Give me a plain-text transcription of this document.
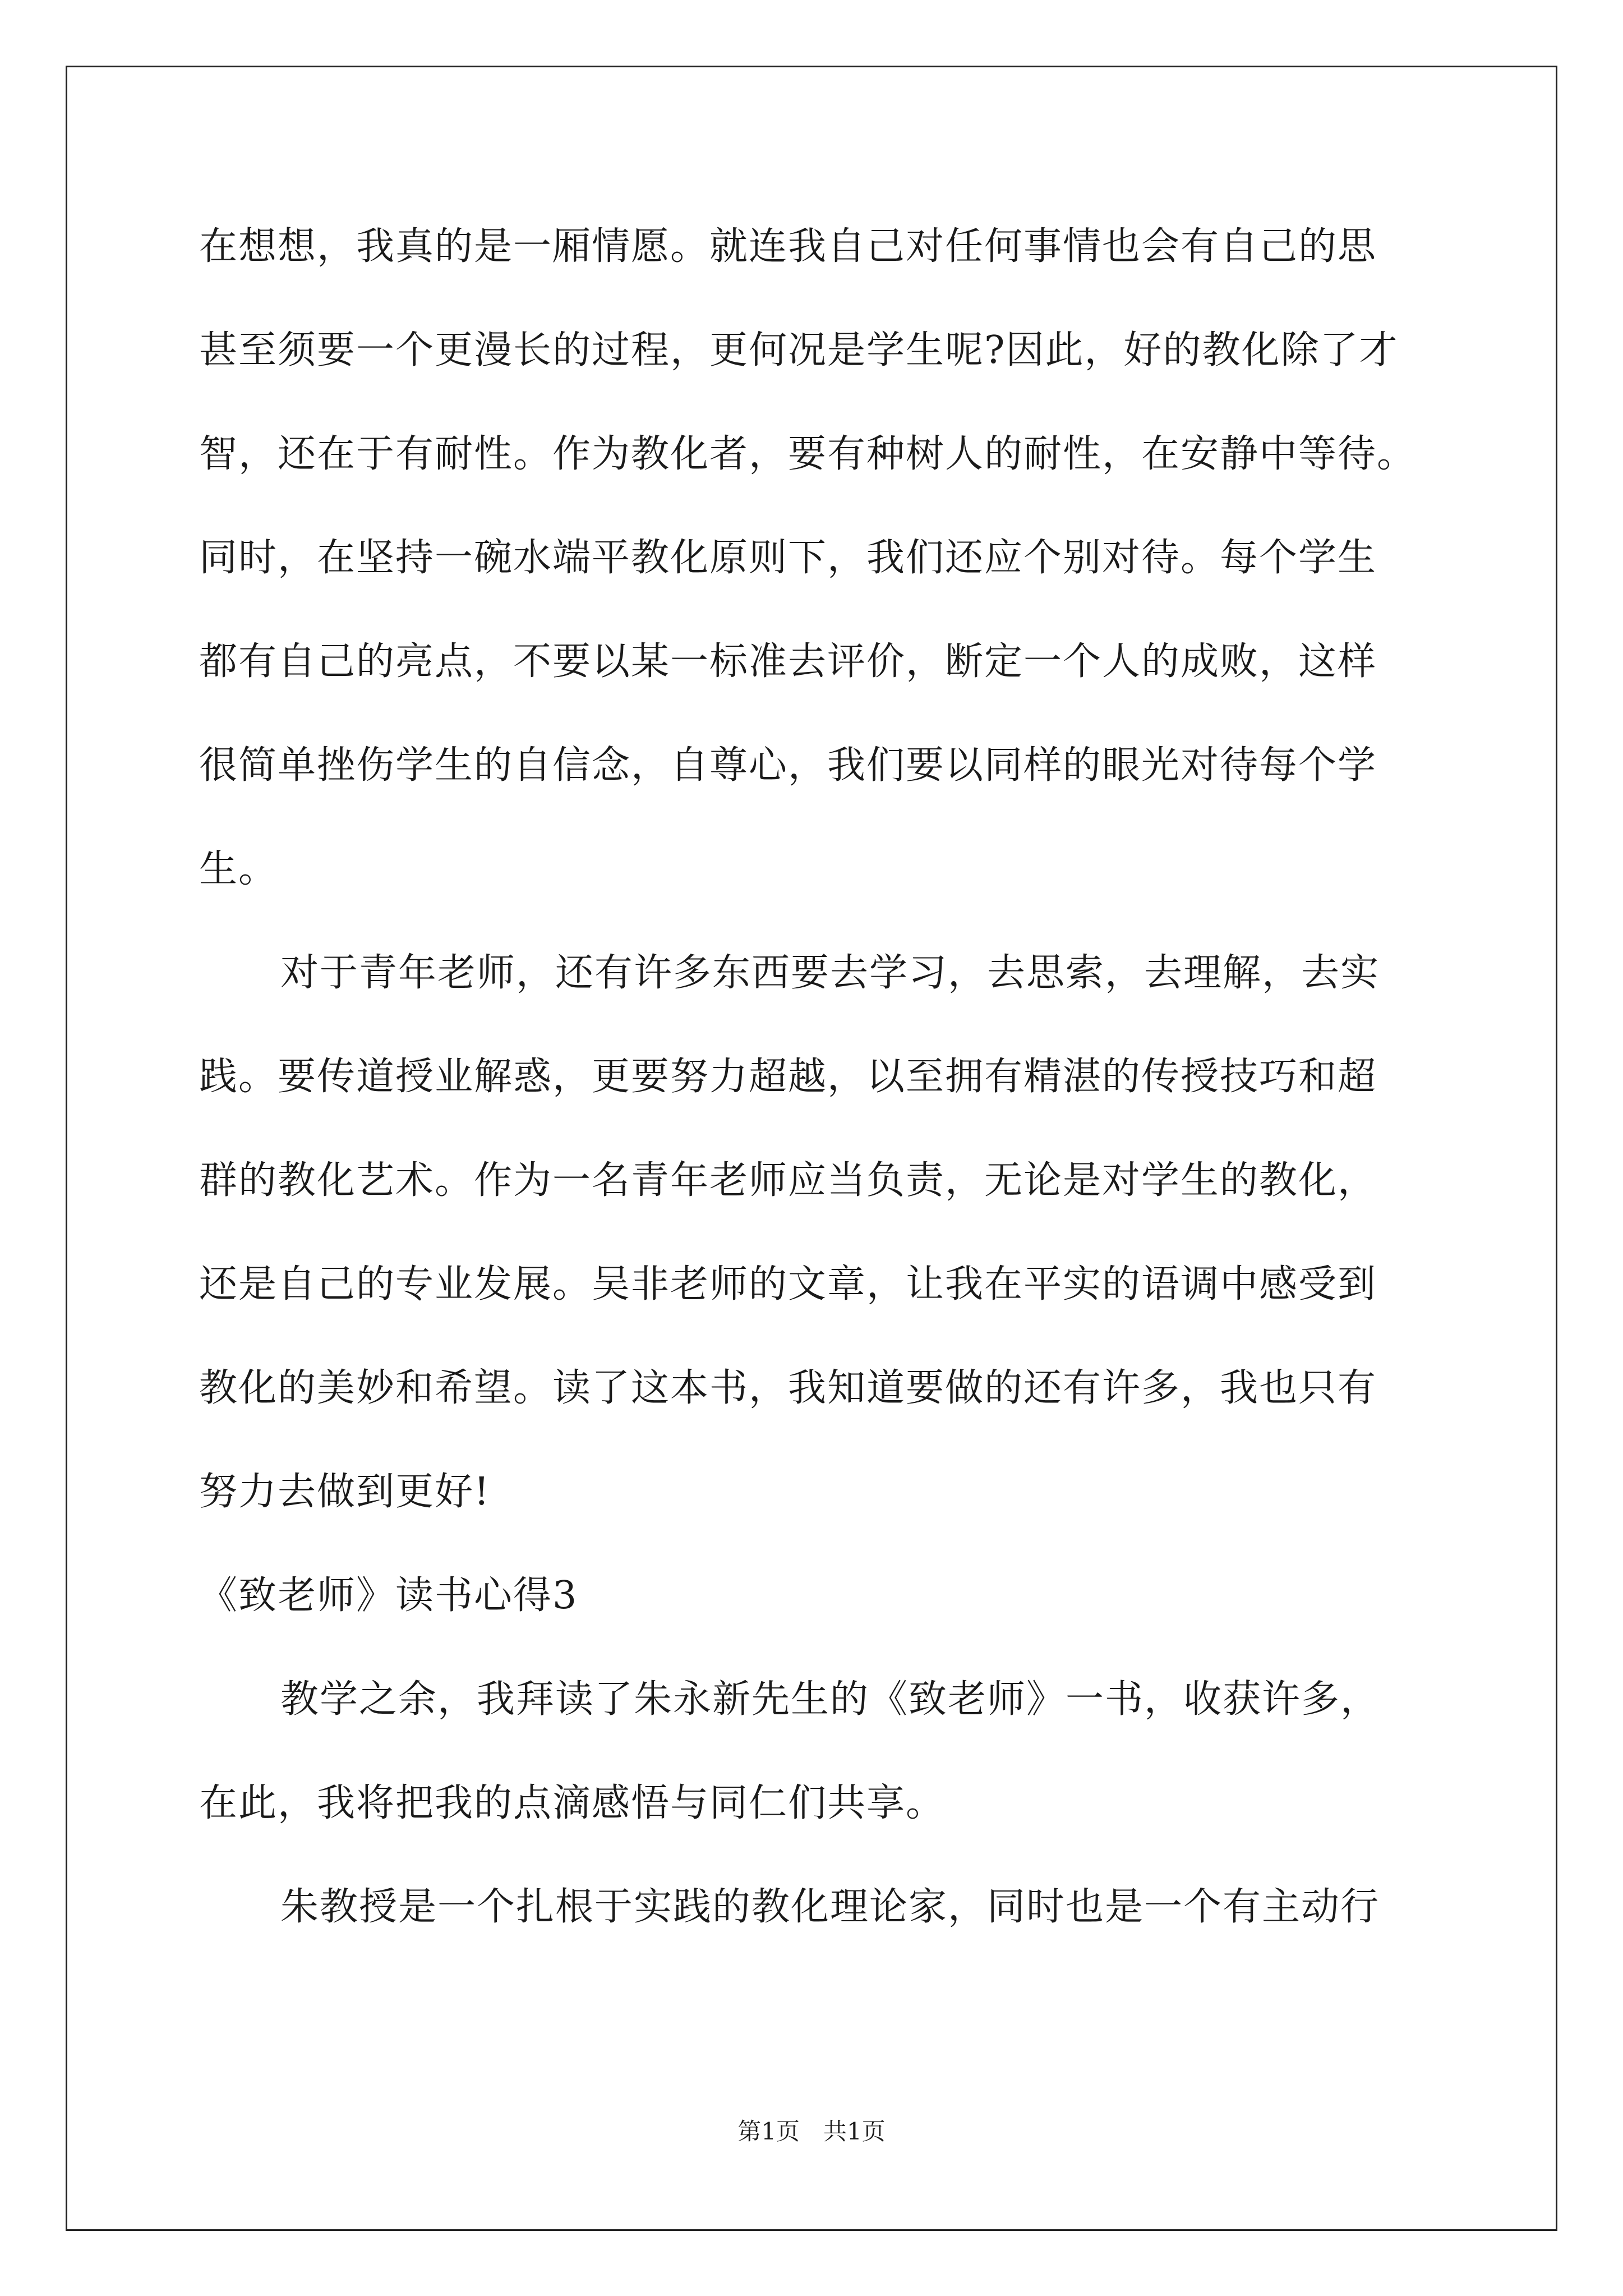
在想想，我真的是一厢情愿。就连我自己对任何事情也会有自己的思
甚至须要一个更漫长的过程，更何况是学生呢?因此，好的教化除了才
智，还在于有耐性。作为教化者，要有种树人的耐性，在安静中等待。
同时，在坚持一碗水端平教化原则下，我们还应个别对待。每个学生
都有自己的亮点，不要以某一标准去评价，断定一个人的成败，这样
很简单挫伤学生的自信念，自尊心，我们要以同样的眼光对待每个学
生。
对于青年老师，还有许多东西要去学习，去思索，去理解，去实
践。要传道授业解惑，更要努力超越，以至拥有精湛的传授技巧和超
群的教化艺术。作为一名青年老师应当负责，无论是对学生的教化，
还是自己的专业发展。吴非老师的文章，让我在平实的语调中感受到
教化的美妙和希望。读了这本书，我知道要做的还有许多，我也只有
努力去做到更好!
《致老师》读书心得3
教学之余，我拜读了朱永新先生的《致老师》一书，收获许多，
在此，我将把我的点滴感悟与同仁们共享。
朱教授是一个扎根于实践的教化理论家，同时也是一个有主动行
第1页　共1页
